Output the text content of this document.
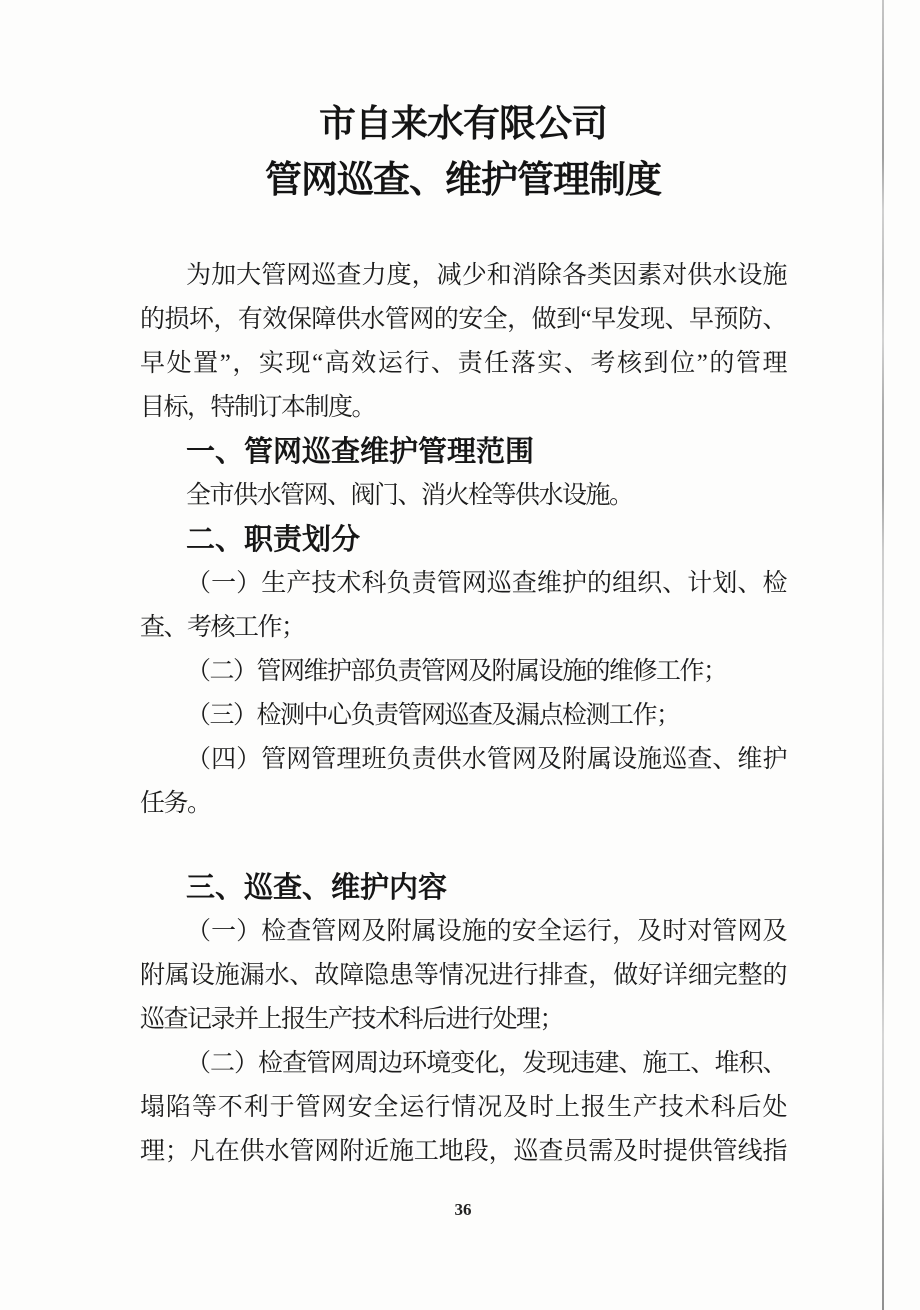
市自来水有限公司
管网巡查、维护管理制度
为加大管网巡查力度，减少和消除各类因素对供水设施
的损坏，有效保障供水管网的安全，做到“早发现、早预防、
早处置”，实现“高效运行、责任落实、考核到位”的管理
目标，特制订本制度。
一、管网巡查维护管理范围
全市供水管网、阀门、消火栓等供水设施。
二、职责划分
（一）生产技术科负责管网巡查维护的组织、计划、检
查、考核工作；
（二）管网维护部负责管网及附属设施的维修工作；
（三）检测中心负责管网巡查及漏点检测工作；
（四）管网管理班负责供水管网及附属设施巡查、维护
任务。
三、巡查、维护内容
（一）检查管网及附属设施的安全运行，及时对管网及
附属设施漏水、故障隐患等情况进行排查，做好详细完整的
巡查记录并上报生产技术科后进行处理；
（二）检查管网周边环境变化，发现违建、施工、堆积、
塌陷等不利于管网安全运行情况及时上报生产技术科后处
理；凡在供水管网附近施工地段，巡查员需及时提供管线指
36
